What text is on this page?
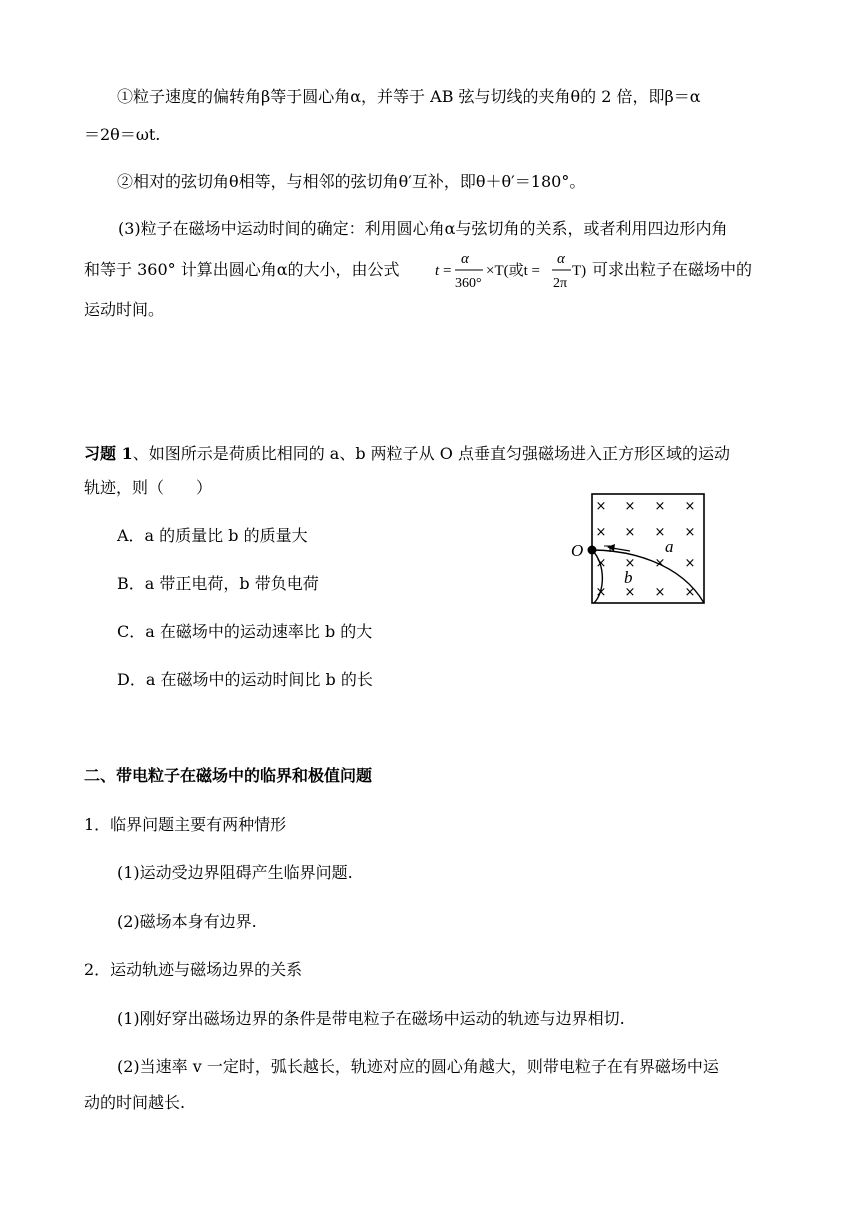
①粒子速度的偏转角β等于圆心角α，并等于 AB 弦与切线的夹角θ的 2 倍，即β＝α
＝2θ＝ωt.
②相对的弦切角θ相等，与相邻的弦切角θ′互补，即θ＋θ′＝180°。
(3)粒子在磁场中运动时间的确定：利用圆心角α与弦切角的关系，或者利用四边形内角
和等于 360° 计算出圆心角α的大小，由公式 t =
α
360°
×T(或t =
α
2π
T) 可求出粒子在磁场中的
运动时间。
习题 1、如图所示是荷质比相同的 a、b 两粒子从 O 点垂直匀强磁场进入正方形区域的运动
轨迹，则（　　）
A．a 的质量比 b 的质量大
B．a 带正电荷，b 带负电荷
C．a 在磁场中的运动速率比 b 的大
D．a 在磁场中的运动时间比 b 的长
× × × ×
× × × ×
× × × ×
× × × ×
O	a
b
二、带电粒子在磁场中的临界和极值问题
1．临界问题主要有两种情形
(1)运动受边界阻碍产生临界问题.
(2)磁场本身有边界.
2．运动轨迹与磁场边界的关系
(1)刚好穿出磁场边界的条件是带电粒子在磁场中运动的轨迹与边界相切.
(2)当速率 v 一定时，弧长越长，轨迹对应的圆心角越大，则带电粒子在有界磁场中运
动的时间越长.
